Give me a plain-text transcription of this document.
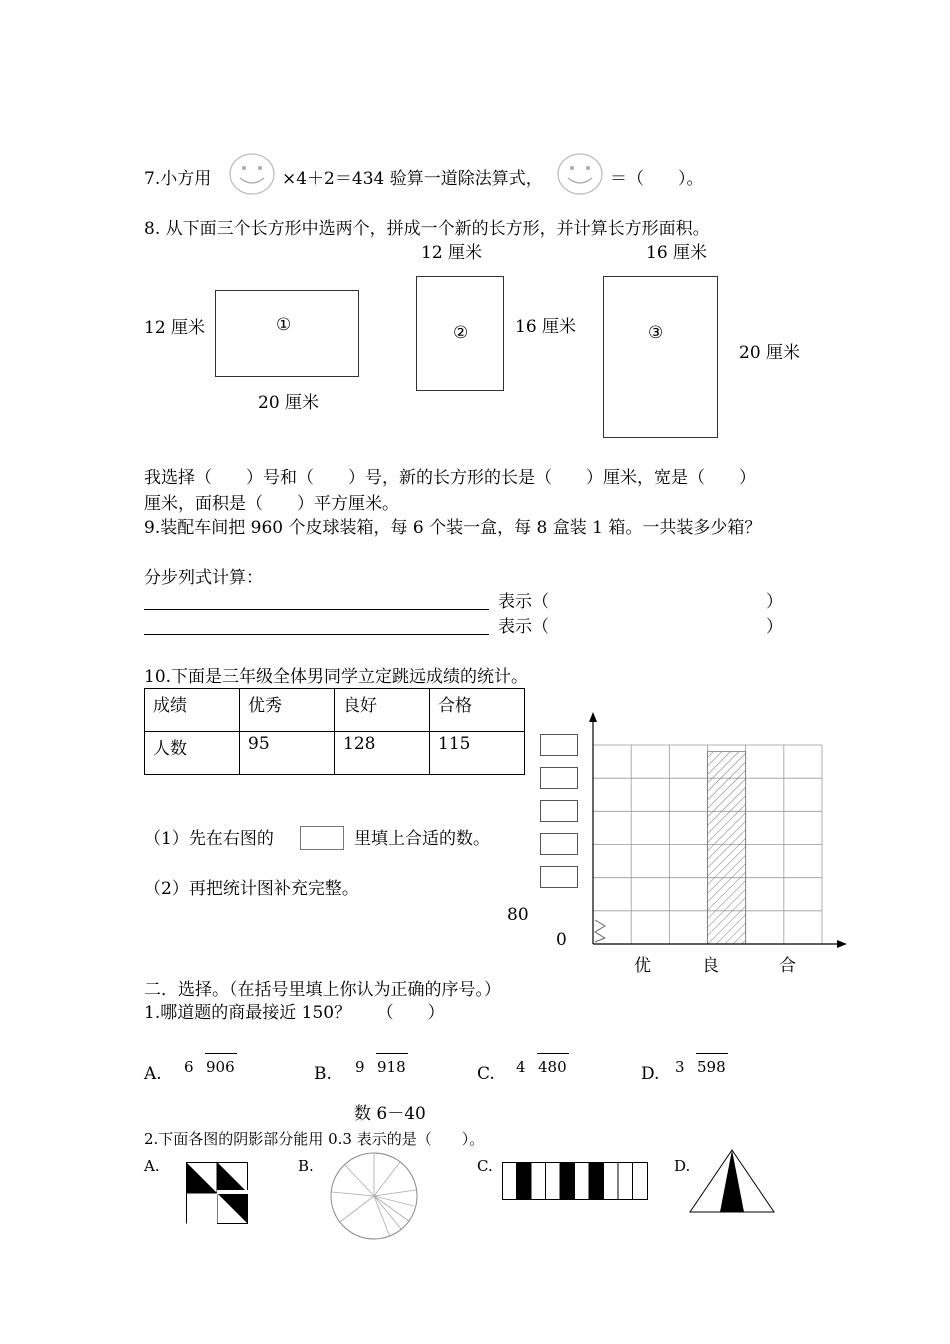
7.小方用	×4＋2＝434 验算一道除法算式，	＝（　　）。
8. 从下面三个长方形中选两个，拼成一个新的长方形，并计算长方形面积。
12 厘米	①
20 厘米
12 厘米
②	16 厘米
16 厘米
③
20 厘米
我选择（　　）号和（　　）号，新的长方形的长是（　　）厘米，宽是（　　）
厘米，面积是（　　）平方厘米。
9.装配车间把 960 个皮球装箱，每 6 个装一盒，每 8 盒装 1 箱。一共装多少箱？
分步列式计算：
表示（	）
表示（	）
10.下面是三年级全体男同学立定跳远成绩的统计。
成绩	优秀	良好	合格
人数	95	128	115
（1）先在右图的	里填上合适的数。
（2）再把统计图补充完整。
80
0
优	良	合
二．选择。（在括号里填上你认为正确的序号。）
1.哪道题的商最接近 150？　　（　　）
A. 6 906	B. 9 918	C. 4 480	D. 3 598
数 6－40
2.下面各图的阴影部分能用 0.3 表示的是（　　）。
A.	B.	C.	D.
